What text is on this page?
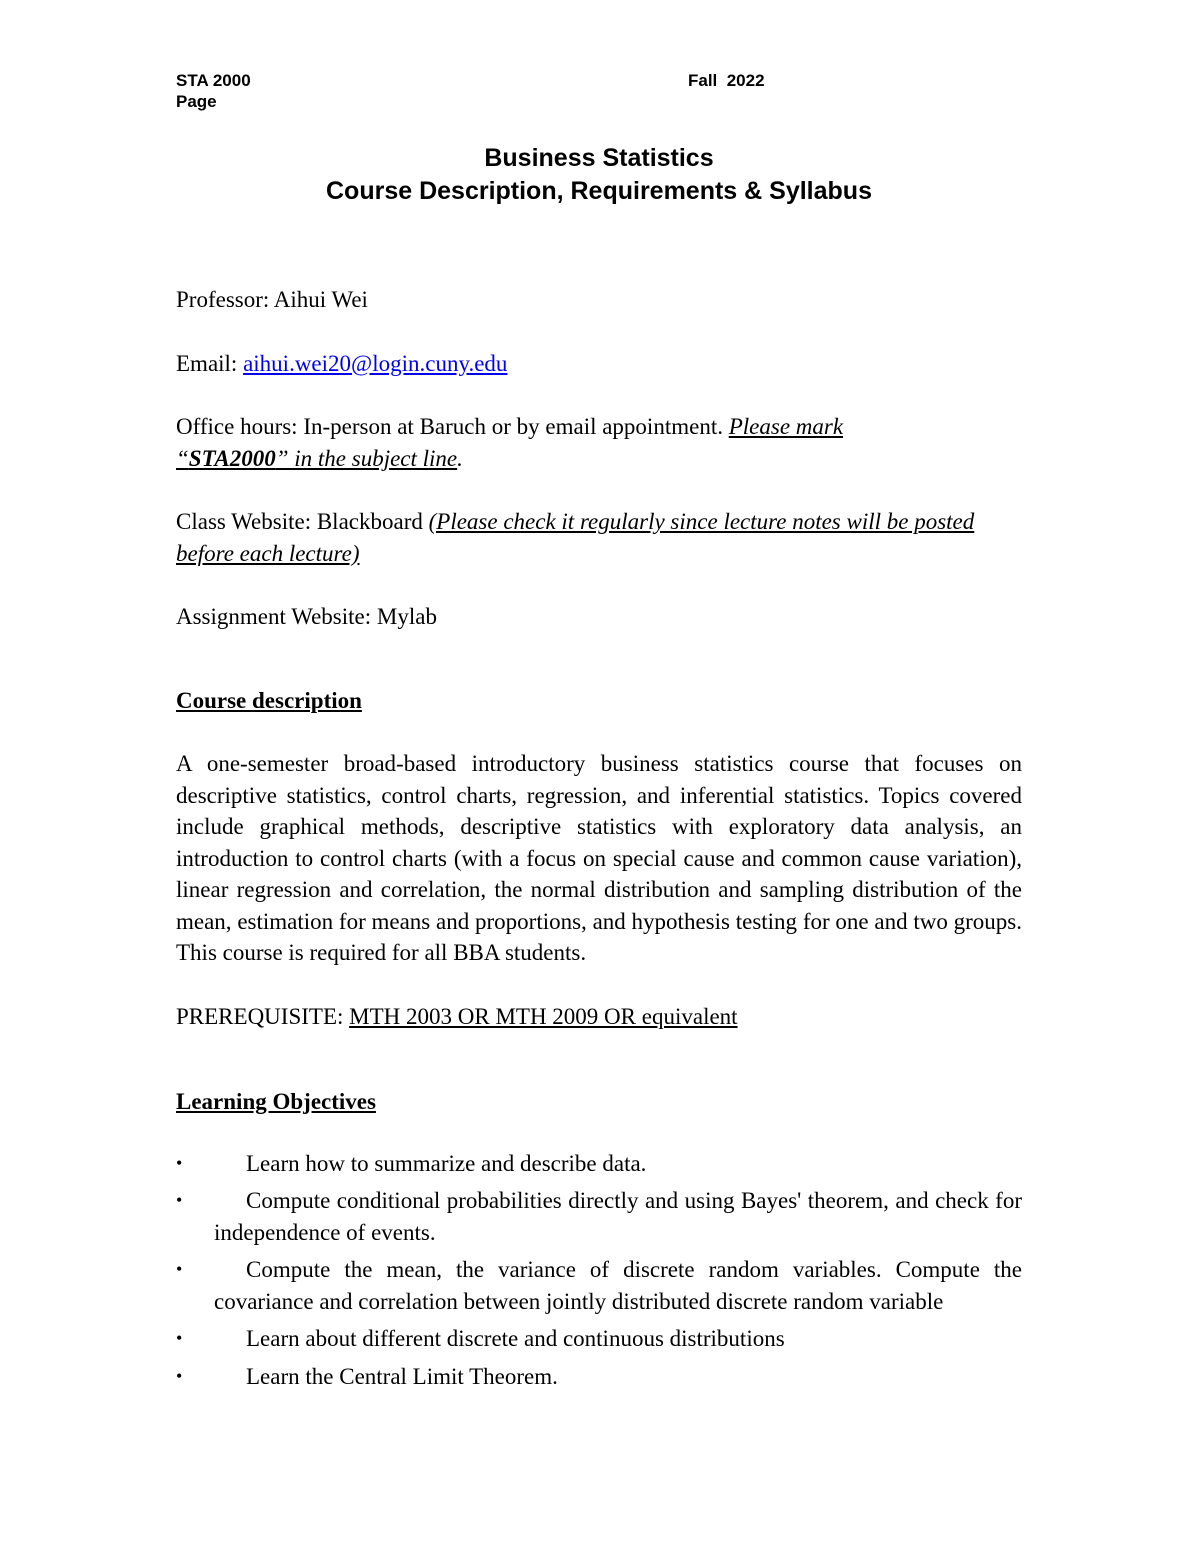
STA 2000
Page
Fall  2022
Business Statistics
Course Description, Requirements & Syllabus

Professor: Aihui Wei

Email: aihui.wei20@login.cuny.edu

Office hours: In-person at Baruch or by email appointment. Please mark
“STA2000” in the subject line.

Class Website: Blackboard (Please check it regularly since lecture notes will be posted before each lecture)

Assignment Website: Mylab

Course description

A one-semester broad-based introductory business statistics course that focuses on descriptive statistics, control charts, regression, and inferential statistics. Topics covered include graphical methods, descriptive statistics with exploratory data analysis, an introduction to control charts (with a focus on special cause and common cause variation), linear regression and correlation, the normal distribution and sampling distribution of the mean, estimation for means and proportions, and hypothesis testing for one and two groups. This course is required for all BBA students.

PREREQUISITE: MTH 2003 OR MTH 2009 OR equivalent

Learning Objectives

•	Learn how to summarize and describe data.
•	Compute conditional probabilities directly and using Bayes' theorem, and check for independence of events.
•	Compute the mean, the variance of discrete random variables. Compute the covariance and correlation between jointly distributed discrete random variable
•	Learn about different discrete and continuous distributions
•	Learn the Central Limit Theorem.
